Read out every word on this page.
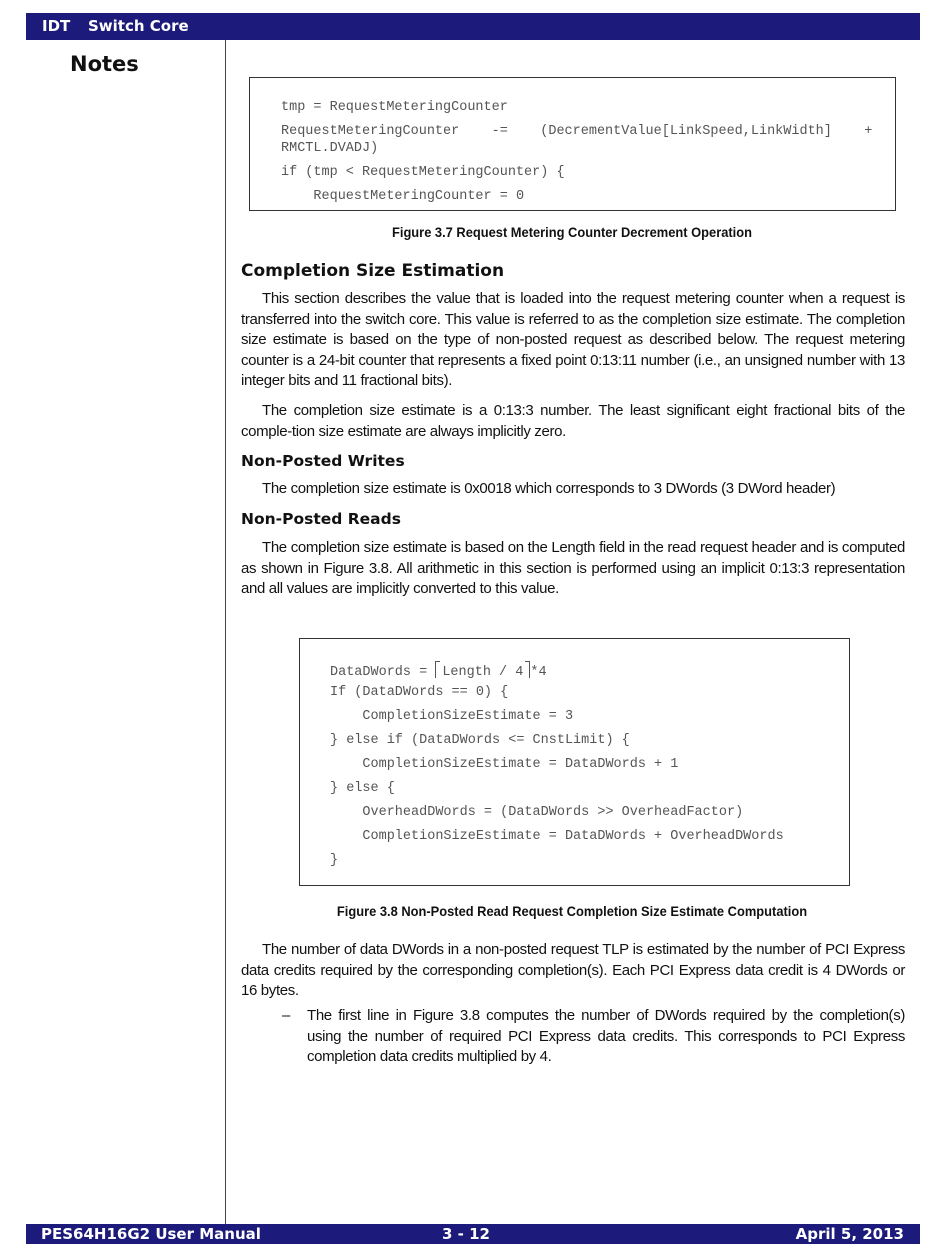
IDT Switch Core
Notes
tmp = RequestMeteringCounter
RequestMeteringCounter    -=    (DecrementValue[LinkSpeed,LinkWidth]    +
RMCTL.DVADJ)
if (tmp < RequestMeteringCounter) {
RequestMeteringCounter = 0
Figure 3.7 Request Metering Counter Decrement Operation
Completion Size Estimation
This section describes the value that is loaded into the request metering counter when a request is transferred into the switch core. This value is referred to as the completion size estimate. The completion size estimate is based on the type of non-posted request as described below. The request metering counter is a 24-bit counter that represents a fixed point 0:13:11 number (i.e., an unsigned number with 13 integer bits and 11 fractional bits).
The completion size estimate is a 0:13:3 number. The least significant eight fractional bits of the comple-tion size estimate are always implicitly zero.
Non-Posted Writes
The completion size estimate is 0x0018 which corresponds to 3 DWords (3 DWord header)
Non-Posted Reads
The completion size estimate is based on the Length field in the read request header and is computed as shown in Figure 3.8. All arithmetic in this section is performed using an implicit 0:13:3 representation and all values are implicitly converted to this value.
DataDWords = Length / 4 *4
If (DataDWords == 0) {
CompletionSizeEstimate = 3
} else if (DataDWords <= CnstLimit) {
CompletionSizeEstimate = DataDWords + 1
} else {
OverheadDWords = (DataDWords >> OverheadFactor)
CompletionSizeEstimate = DataDWords + OverheadDWords
}
Figure 3.8 Non-Posted Read Request Completion Size Estimate Computation
The number of data DWords in a non-posted request TLP is estimated by the number of PCI Express data credits required by the corresponding completion(s). Each PCI Express data credit is 4 DWords or 16 bytes.
– The first line in Figure 3.8 computes the number of DWords required by the completion(s) using the number of required PCI Express data credits. This corresponds to PCI Express completion data credits multiplied by 4.
PES64H16G2 User Manual	3 - 12	April 5, 2013
